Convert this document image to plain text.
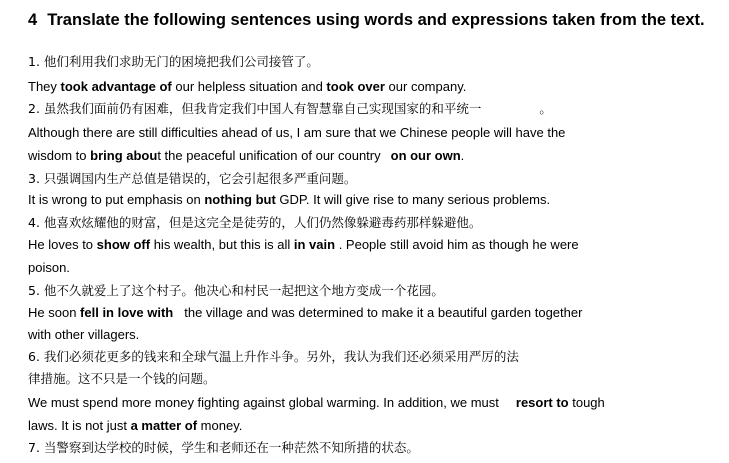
4 Translate the following sentences using words and expressions taken from the text.
1. 他们利用我们求助无门的困境把我们公司接管了。
They took advantage of our helpless situation and took over our company.
2. 虽然我们面前仍有困难，但我肯定我们中国人有智慧靠自己实现国家的和平统一	。
Although there are still difficulties ahead of us, I am sure that we Chinese people will have the
wisdom to bring about the peaceful unification of our country on our own.
3. 只强调国内生产总值是错误的，它会引起很多严重问题。
It is wrong to put emphasis on nothing but GDP. It will give rise to many serious problems.
4. 他喜欢炫耀他的财富，但是这完全是徒劳的，人们仍然像躲避毒药那样躲避他。
He loves to show off his wealth, but this is all in vain . People still avoid him as though he were
poison.
5. 他不久就爱上了这个村子。他决心和村民一起把这个地方变成一个花园。
He soon fell in love with the village and was determined to make it a beautiful garden together
with other villagers.
6. 我们必须花更多的钱来和全球气温上升作斗争。另外，我认为我们还必须采用严厉的法
律措施。这不只是一个钱的问题。
We must spend more money fighting against global warming. In addition, we must resort to tough
laws. It is not just a matter of money.
7. 当警察到达学校的时候，学生和老师还在一种茫然不知所措的状态。
